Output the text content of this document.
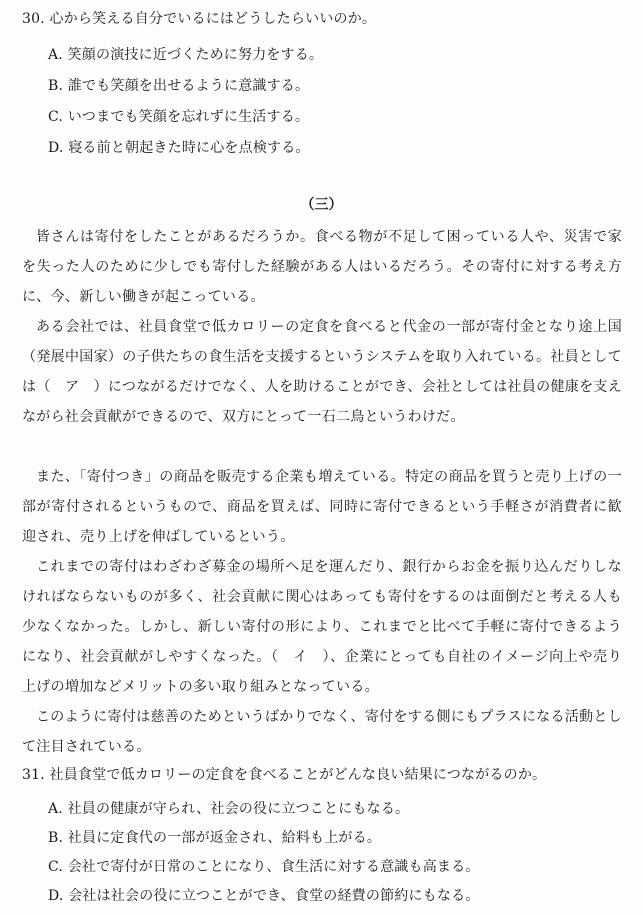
30. 心から笑える自分でいるにはどうしたらいいのか。
A. 笑顔の演技に近づくために努力をする。
B. 誰でも笑顔を出せるように意識する。
C. いつまでも笑顔を忘れずに生活する。
D. 寝る前と朝起きた時に心を点検する。
（三）

皆さんは寄付をしたことがあるだろうか。食べる物が不足して困っている人や、災害で家を失った人のために少しでも寄付した経験がある人はいるだろう。その寄付に対する考え方に、今、新しい働きが起こっている。

ある会社では、社員食堂で低カロリーの定食を食べると代金の一部が寄付金となり途上国（発展中国家）の子供たちの食生活を支援するというシステムを取り入れている。社員としては（　ア　）につながるだけでなく、人を助けることができ、会社としては社員の健康を支えながら社会貢献ができるので、双方にとって一石二鳥というわけだ。

また、「寄付つき」の商品を販売する企業も増えている。特定の商品を買うと売り上げの一部が寄付されるというもので、商品を買えば、同時に寄付できるという手軽さが消費者に歓迎され、売り上げを伸ばしているという。

これまでの寄付はわざわざ募金の場所へ足を運んだり、銀行からお金を振り込んだりしなければならないものが多く、社会貢献に関心はあっても寄付をするのは面倒だと考える人も少なくなかった。しかし、新しい寄付の形により、これまでと比べて手軽に寄付できるようになり、社会貢献がしやすくなった。（　イ　）、企業にとっても自社のイメージ向上や売り上げの増加などメリットの多い取り組みとなっている。

このように寄付は慈善のためというばかりでなく、寄付をする側にもプラスになる活動として注目されている。

31. 社員食堂で低カロリーの定食を食べることがどんな良い結果につながるのか。
A. 社員の健康が守られ、社会の役に立つことにもなる。
B. 社員に定食代の一部が返金され、給料も上がる。
C. 会社で寄付が日常のことになり、食生活に対する意識も高まる。
D. 会社は社会の役に立つことができ、食堂の経費の節約にもなる。
